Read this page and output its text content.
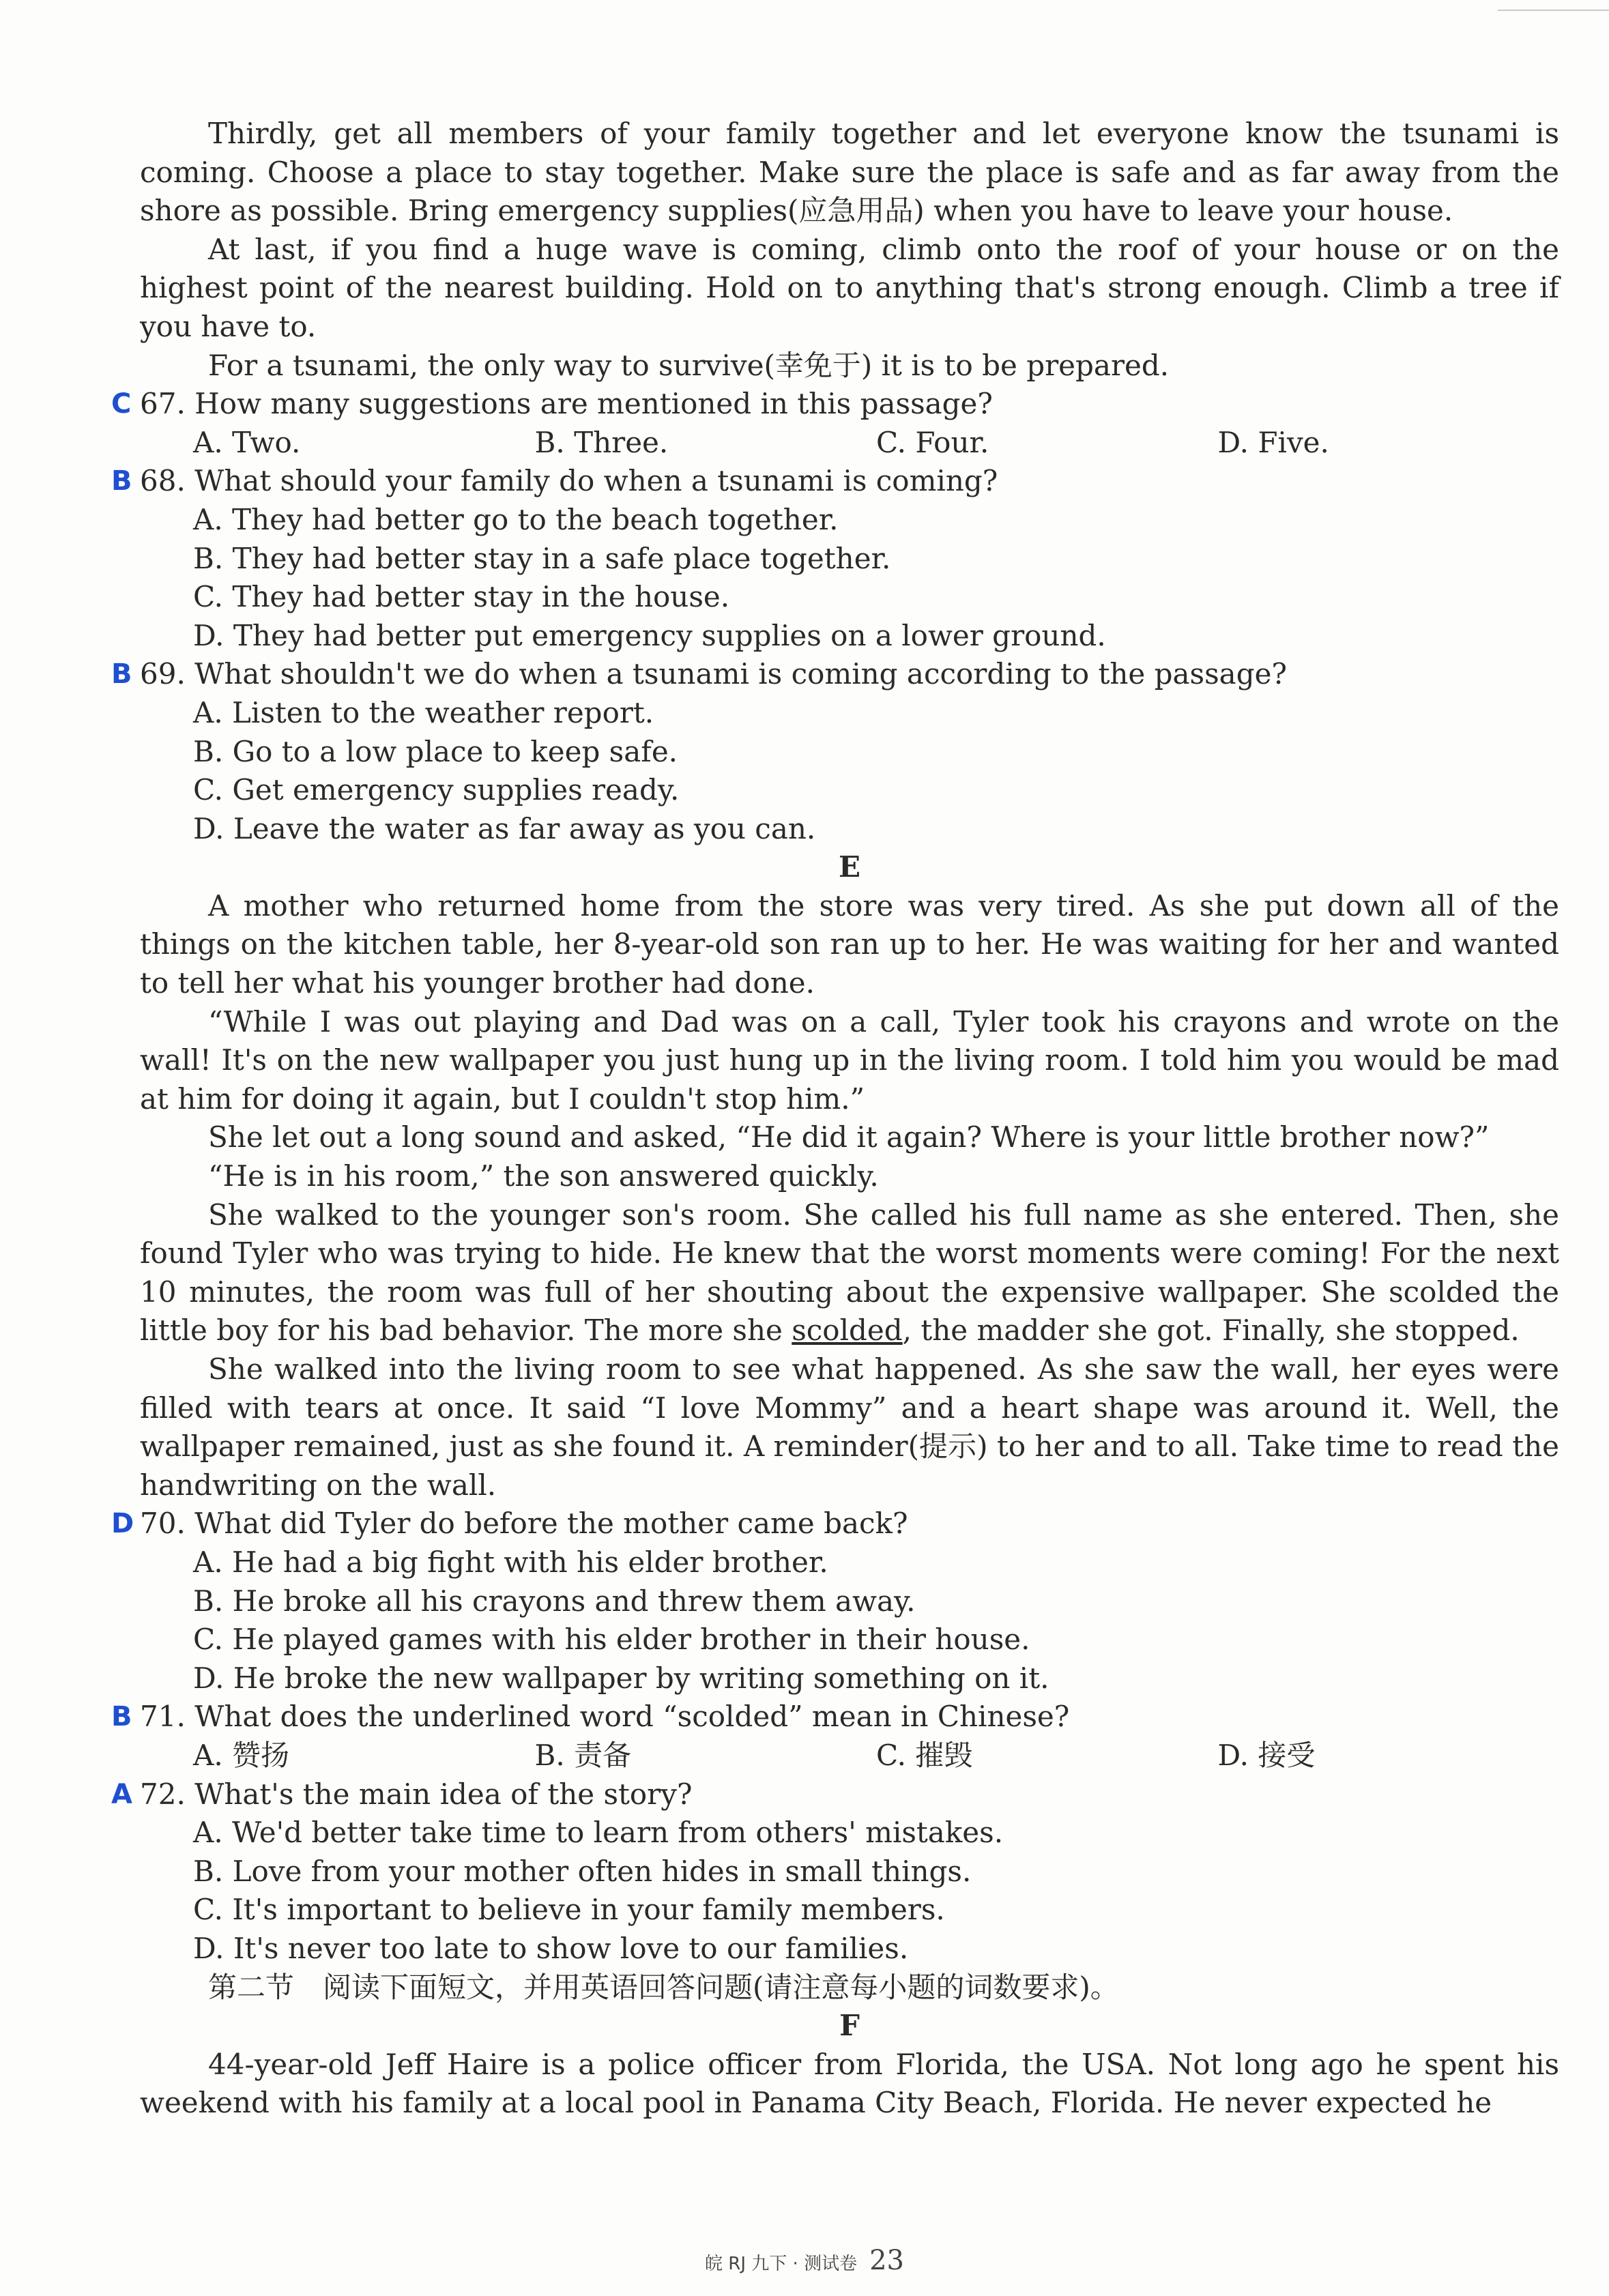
Thirdly, get all members of your family together and let everyone know the tsunami is coming. Choose a place to stay together. Make sure the place is safe and as far away from the shore as possible. Bring emergency supplies(应急用品) when you have to leave your house.

At last, if you find a huge wave is coming, climb onto the roof of your house or on the highest point of the nearest building. Hold on to anything that's strong enough. Climb a tree if you have to.

For a tsunami, the only way to survive(幸免于) it is to be prepared.

C 67. How many suggestions are mentioned in this passage?

A. Two.	B. Three.	C. Four.	D. Five.

B 68. What should your family do when a tsunami is coming?

A. They had better go to the beach together.

B. They had better stay in a safe place together.

C. They had better stay in the house.

D. They had better put emergency supplies on a lower ground.

B 69. What shouldn't we do when a tsunami is coming according to the passage?

A. Listen to the weather report.

B. Go to a low place to keep safe.

C. Get emergency supplies ready.

D. Leave the water as far away as you can.

E

A mother who returned home from the store was very tired. As she put down all of the things on the kitchen table, her 8-year-old son ran up to her. He was waiting for her and wanted to tell her what his younger brother had done.

“While I was out playing and Dad was on a call, Tyler took his crayons and wrote on the wall! It's on the new wallpaper you just hung up in the living room. I told him you would be mad at him for doing it again, but I couldn't stop him.”

She let out a long sound and asked, “He did it again? Where is your little brother now?”

“He is in his room,” the son answered quickly.

She walked to the younger son's room. She called his full name as she entered. Then, she found Tyler who was trying to hide. He knew that the worst moments were coming! For the next 10 minutes, the room was full of her shouting about the expensive wallpaper. She scolded the little boy for his bad behavior. The more she scolded, the madder she got. Finally, she stopped.

She walked into the living room to see what happened. As she saw the wall, her eyes were filled with tears at once. It said “I love Mommy” and a heart shape was around it. Well, the wallpaper remained, just as she found it. A reminder(提示) to her and to all. Take time to read the handwriting on the wall.

D 70. What did Tyler do before the mother came back?

A. He had a big fight with his elder brother.

B. He broke all his crayons and threw them away.

C. He played games with his elder brother in their house.

D. He broke the new wallpaper by writing something on it.

B 71. What does the underlined word “scolded” mean in Chinese?

A. 赞扬	B. 责备	C. 摧毁	D. 接受

A 72. What's the main idea of the story?

A. We'd better take time to learn from others' mistakes.

B. Love from your mother often hides in small things.

C. It's important to believe in your family members.

D. It's never too late to show love to our families.

第二节　阅读下面短文，并用英语回答问题(请注意每小题的词数要求)。

F

44-year-old Jeff Haire is a police officer from Florida, the USA. Not long ago he spent his weekend with his family at a local pool in Panama City Beach, Florida. He never expected he

皖 RJ 九下 · 测试卷 23
